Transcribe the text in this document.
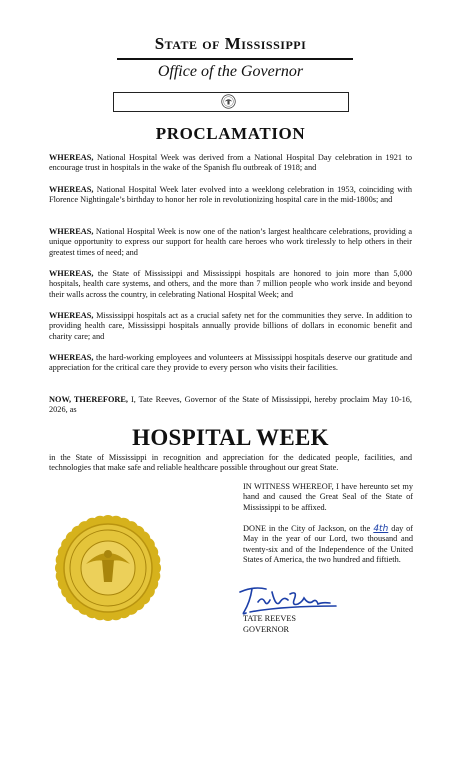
State of Mississippi
Office of the Governor
PROCLAMATION
WHEREAS, National Hospital Week was derived from a National Hospital Day celebration in 1921 to encourage trust in hospitals in the wake of the Spanish flu outbreak of 1918; and
WHEREAS, National Hospital Week later evolved into a weeklong celebration in 1953, coinciding with Florence Nightingale’s birthday to honor her role in revolutionizing hospital care in the mid-1800s; and
WHEREAS, National Hospital Week is now one of the nation’s largest healthcare celebrations, providing a unique opportunity to express our support for health care heroes who work tirelessly to help others in their greatest times of need; and
WHEREAS, the State of Mississippi and Mississippi hospitals are honored to join more than 5,000 hospitals, health care systems, and others, and the more than 7 million people who work inside and beyond their walls across the country, in celebrating National Hospital Week; and
WHEREAS, Mississippi hospitals act as a crucial safety net for the communities they serve. In addition to providing health care, Mississippi hospitals annually provide billions of dollars in economic benefit and charity care; and
WHEREAS, the hard-working employees and volunteers at Mississippi hospitals deserve our gratitude and appreciation for the critical care they provide to every person who visits their facilities.
NOW, THEREFORE, I, Tate Reeves, Governor of the State of Mississippi, hereby proclaim May 10-16, 2026, as
HOSPITAL WEEK
in the State of Mississippi in recognition and appreciation for the dedicated people, facilities, and technologies that make safe and reliable healthcare possible throughout our great State.
IN WITNESS WHEREOF, I have hereunto set my hand and caused the Great Seal of the State of Mississippi to be affixed.
DONE in the City of Jackson, on the 4th day of May in the year of our Lord, two thousand and twenty-six and of the Independence of the United States of America, the two hundred and fiftieth.
TATE REEVES
GOVERNOR
